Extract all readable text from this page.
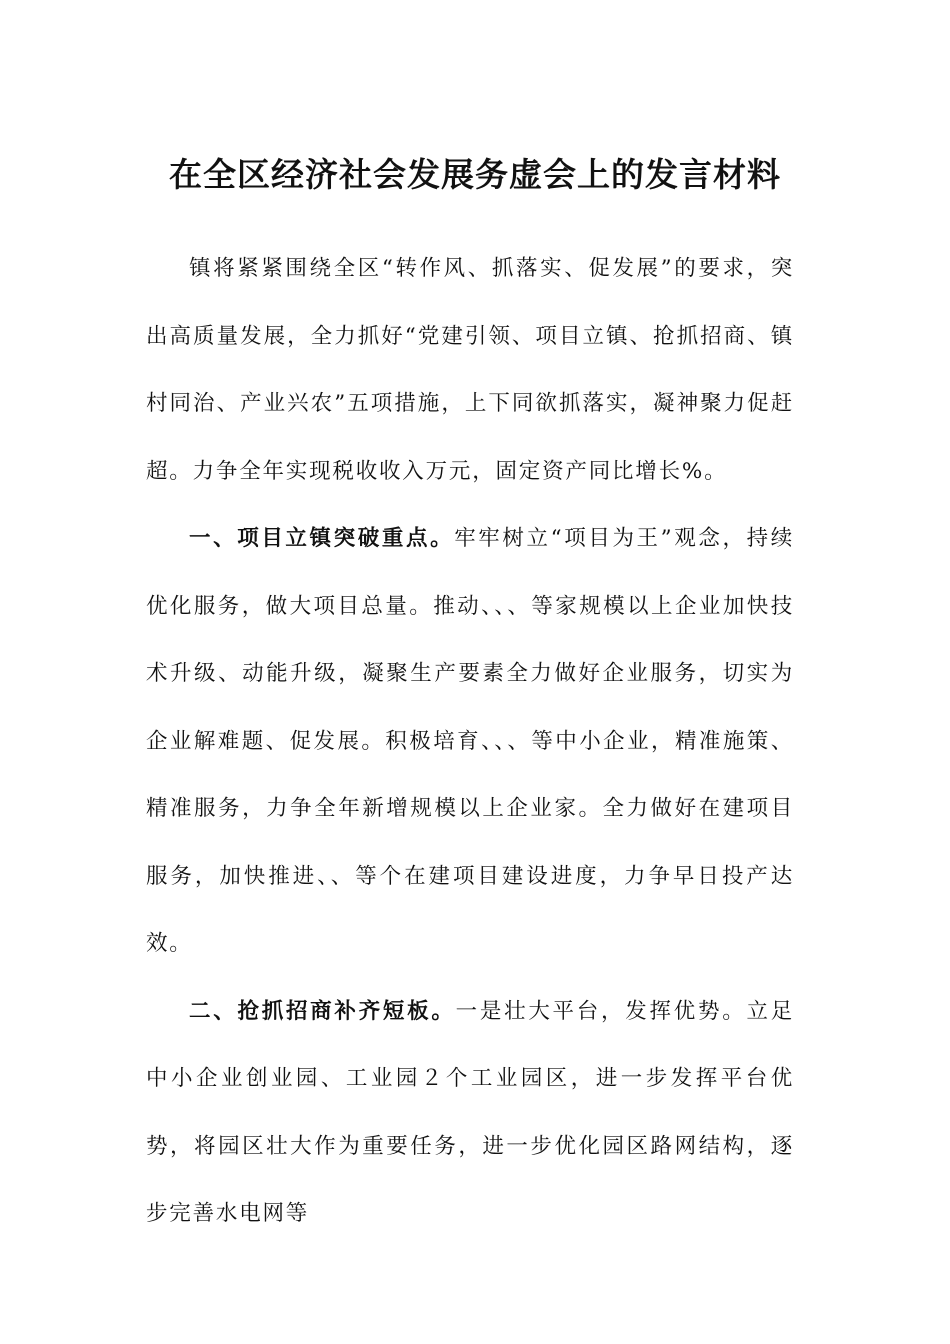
在全区经济社会发展务虚会上的发言材料

镇将紧紧围绕全区“转作风、抓落实、促发展”的要求，突出高质量发展，全力抓好“党建引领、项目立镇、抢抓招商、镇村同治、产业兴农”五项措施，上下同欲抓落实，凝神聚力促赶超。力争全年实现税收收入万元，固定资产同比增长%。

一、项目立镇突破重点。牢牢树立“项目为王”观念，持续优化服务，做大项目总量。推动、、、等家规模以上企业加快技术升级、动能升级，凝聚生产要素全力做好企业服务，切实为企业解难题、促发展。积极培育、、、等中小企业，精准施策、精准服务，力争全年新增规模以上企业家。全力做好在建项目服务，加快推进、、等个在建项目建设进度，力争早日投产达效。

二、抢抓招商补齐短板。一是壮大平台，发挥优势。立足中小企业创业园、工业园２个工业园区，进一步发挥平台优势，将园区壮大作为重要任务，进一步优化园区路网结构，逐步完善水电网等
